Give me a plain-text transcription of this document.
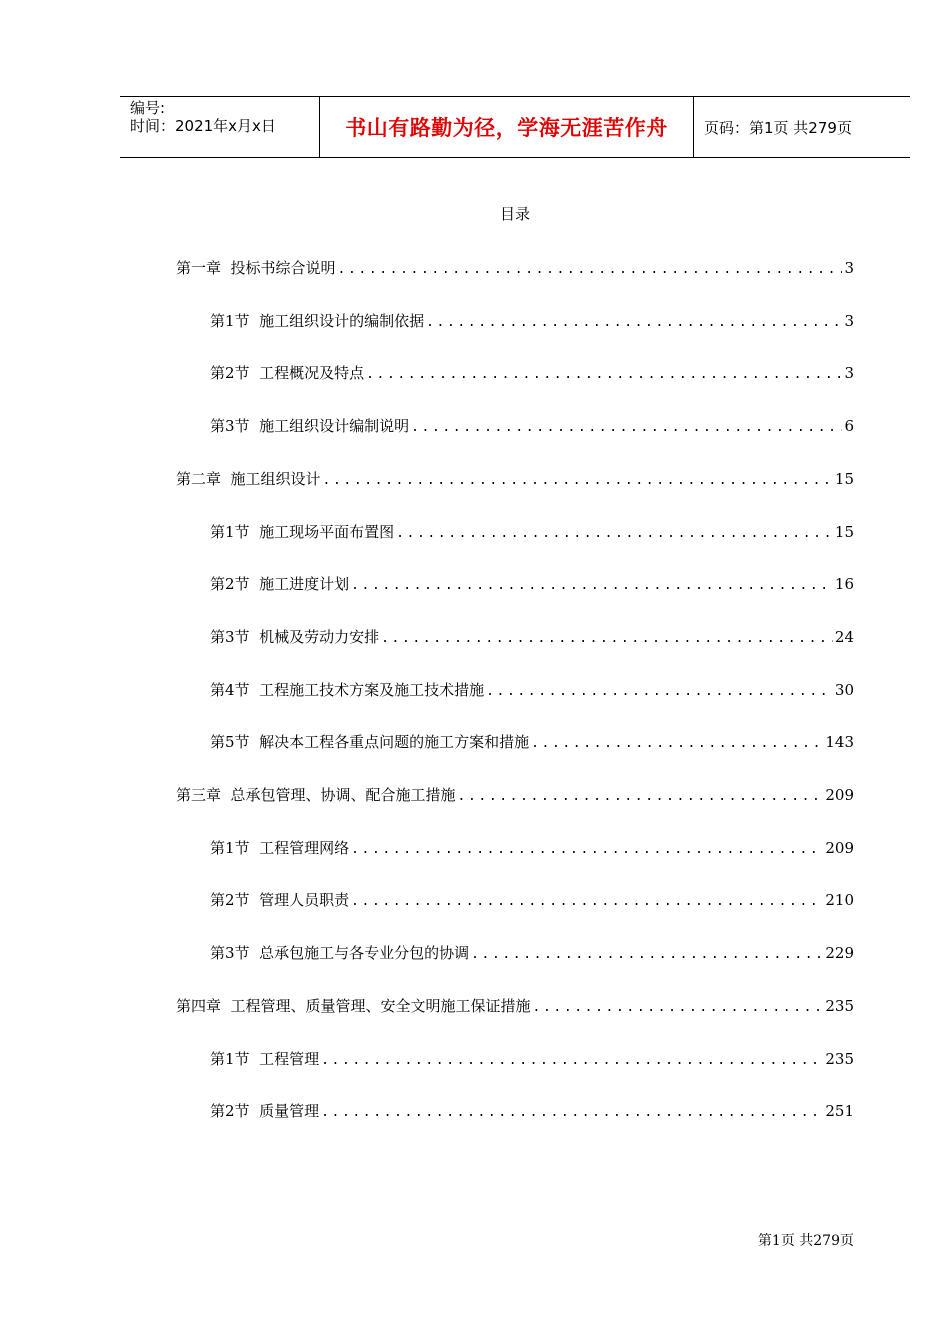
编号:
时间：2021年x月x日	书山有路勤为径，学海无涯苦作舟	页码：第1页 共279页
目录
第一章  投标书综合说明 .....	3
第1节  施工组织设计的编制依据 .....	3
第2节  工程概况及特点 .....	3
第3节  施工组织设计编制说明 .....	6
第二章  施工组织设计 .....	15
第1节  施工现场平面布置图 .....	15
第2节  施工进度计划 .....	16
第3节  机械及劳动力安排 .....	24
第4节  工程施工技术方案及施工技术措施 .....	30
第5节  解决本工程各重点问题的施工方案和措施 .....	143
第三章  总承包管理、协调、配合施工措施 .....	209
第1节  工程管理网络 .....	209
第2节  管理人员职责 .....	210
第3节  总承包施工与各专业分包的协调 .....	229
第四章  工程管理、质量管理、安全文明施工保证措施 .....	235
第1节  工程管理 .....	235
第2节  质量管理 .....	251
第1页 共279页
